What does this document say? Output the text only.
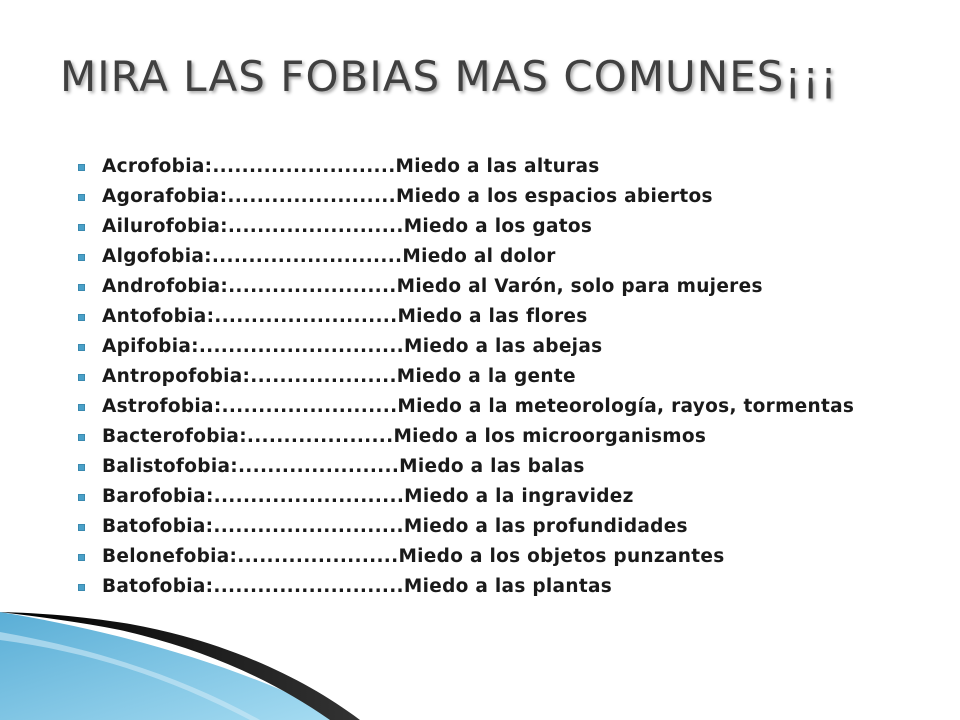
MIRA LAS FOBIAS MAS COMUNES¡¡¡
Acrofobia:.........................Miedo a las alturas
Agorafobia:.......................Miedo a los espacios abiertos
Ailurofobia:........................Miedo a los gatos
Algofobia:..........................Miedo al dolor
Androfobia:.......................Miedo al Varón, solo para mujeres
Antofobia:.........................Miedo a las flores
Apifobia:............................Miedo a las abejas
Antropofobia:....................Miedo a la gente
Astrofobia:........................Miedo a la meteorología, rayos, tormentas
Bacterofobia:....................Miedo a los microorganismos
Balistofobia:......................Miedo a las balas
Barofobia:..........................Miedo a la ingravidez
Batofobia:..........................Miedo a las profundidades
Belonefobia:......................Miedo a los objetos punzantes
Batofobia:..........................Miedo a las plantas
